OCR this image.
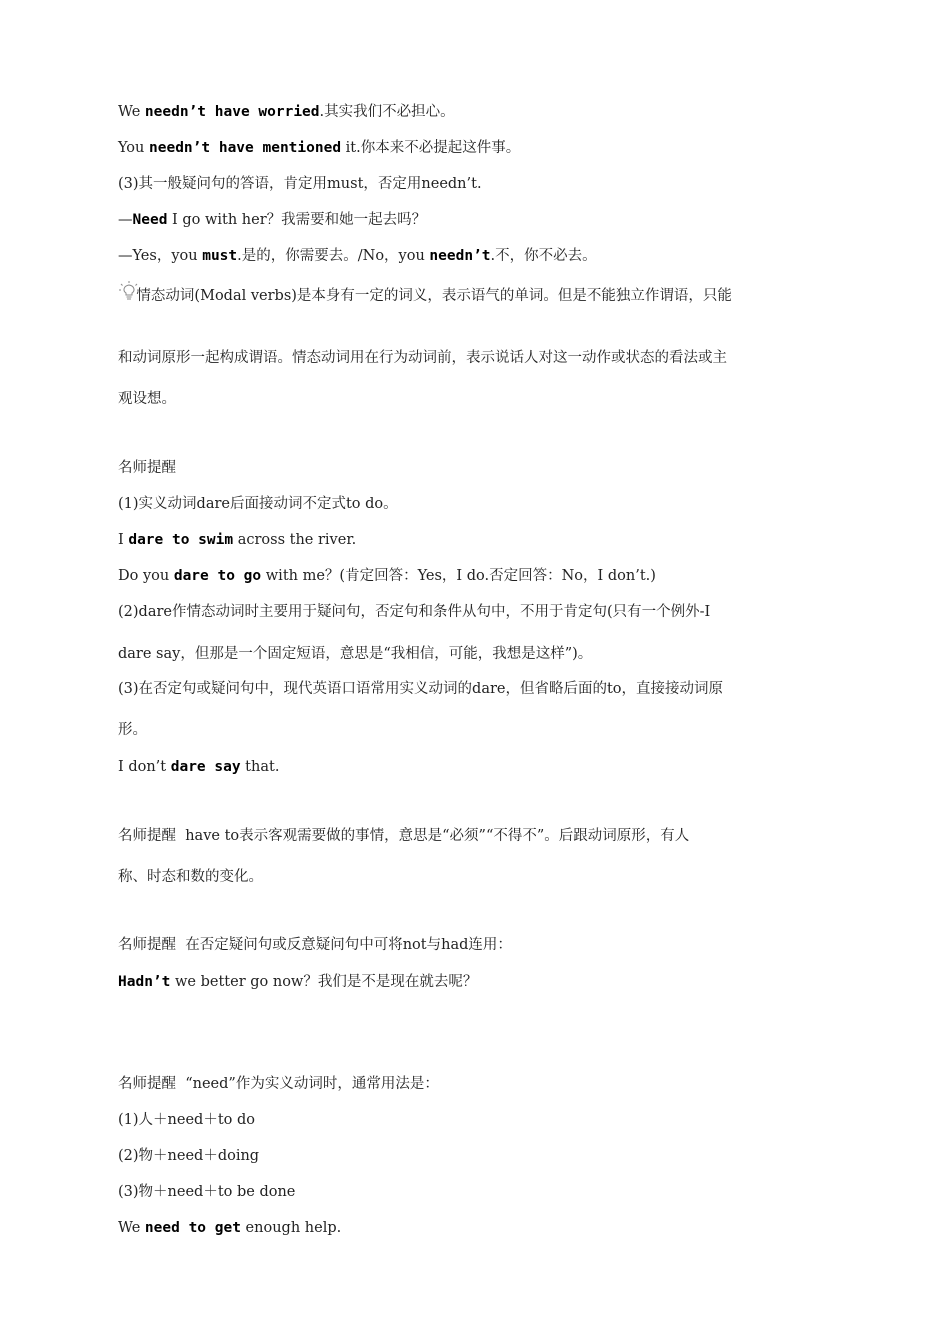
We needn’t have worried.其实我们不必担心。
You needn’t have mentioned it.你本来不必提起这件事。
(3)其一般疑问句的答语，肯定用must，否定用needn’t.
—Need I go with her？我需要和她一起去吗？
—Yes，you must.是的，你需要去。/No，you needn’t.不，你不必去。
情态动词(Modal verbs)是本身有一定的词义，表示语气的单词。但是不能独立作谓语，只能
和动词原形一起构成谓语。情态动词用在行为动词前，表示说话人对这一动作或状态的看法或主
观设想。
名师提醒
(1)实义动词dare后面接动词不定式to do。
I dare to swim across the river.
Do you dare to go with me？(肯定回答：Yes，I do.否定回答：No，I don’t.)
(2)dare作情态动词时主要用于疑问句，否定句和条件从句中，不用于肯定句(只有一个例外-I
dare say，但那是一个固定短语，意思是“我相信，可能，我想是这样”)。
(3)在否定句或疑问句中，现代英语口语常用实义动词的dare，但省略后面的to，直接接动词原
形。
I don’t dare say that.
名师提醒  have to表示客观需要做的事情，意思是“必须”“不得不”。后跟动词原形，有人
称、时态和数的变化。
名师提醒  在否定疑问句或反意疑问句中可将not与had连用：
Hadn’t we better go now？我们是不是现在就去呢？
名师提醒  “need”作为实义动词时，通常用法是：
(1)人＋need＋to do
(2)物＋need＋doing
(3)物＋need＋to be done
We need to get enough help.
